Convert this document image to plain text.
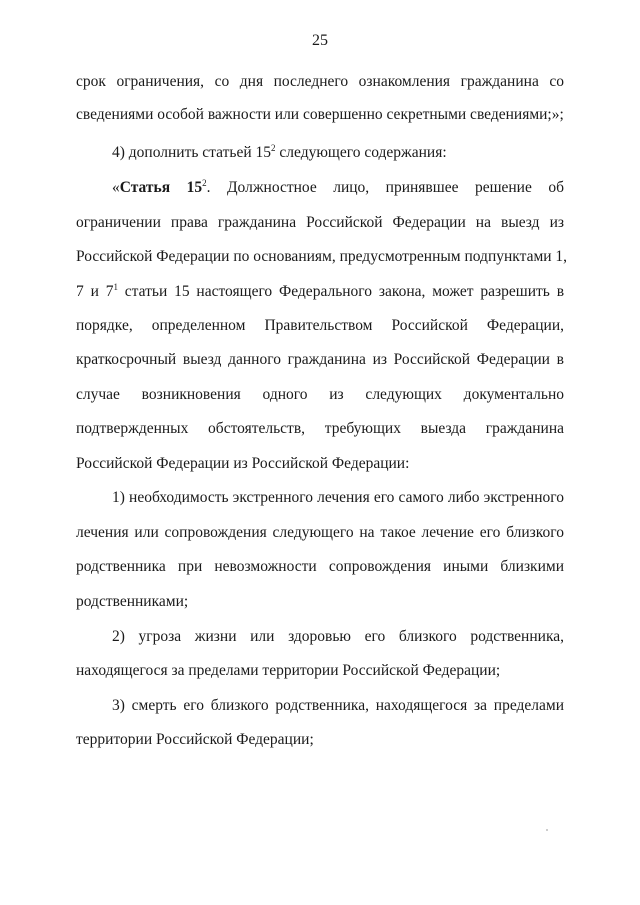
25
срок ограничения, со дня последнего ознакомления гражданина со
сведениями особой важности или совершенно секретными сведениями;»;
4) дополнить статьей $15^2$ следующего содержания:
«Статья $15^2$. Должностное лицо, принявшее решение об
ограничении права гражданина Российской Федерации на выезд из
Российской Федерации по основаниям, предусмотренным подпунктами 1,
7 и $7^1$ статьи 15 настоящего Федерального закона, может разрешить в
порядке, определенном Правительством Российской Федерации,
краткосрочный выезд данного гражданина из Российской Федерации в
случае возникновения одного из следующих документально
подтвержденных обстоятельств, требующих выезда гражданина
Российской Федерации из Российской Федерации:
1) необходимость экстренного лечения его самого либо экстренного
лечения или сопровождения следующего на такое лечение его близкого
родственника при невозможности сопровождения иными близкими
родственниками;
2) угроза жизни или здоровью его близкого родственника,
находящегося за пределами территории Российской Федерации;
3) смерть его близкого родственника, находящегося за пределами
территории Российской Федерации;
